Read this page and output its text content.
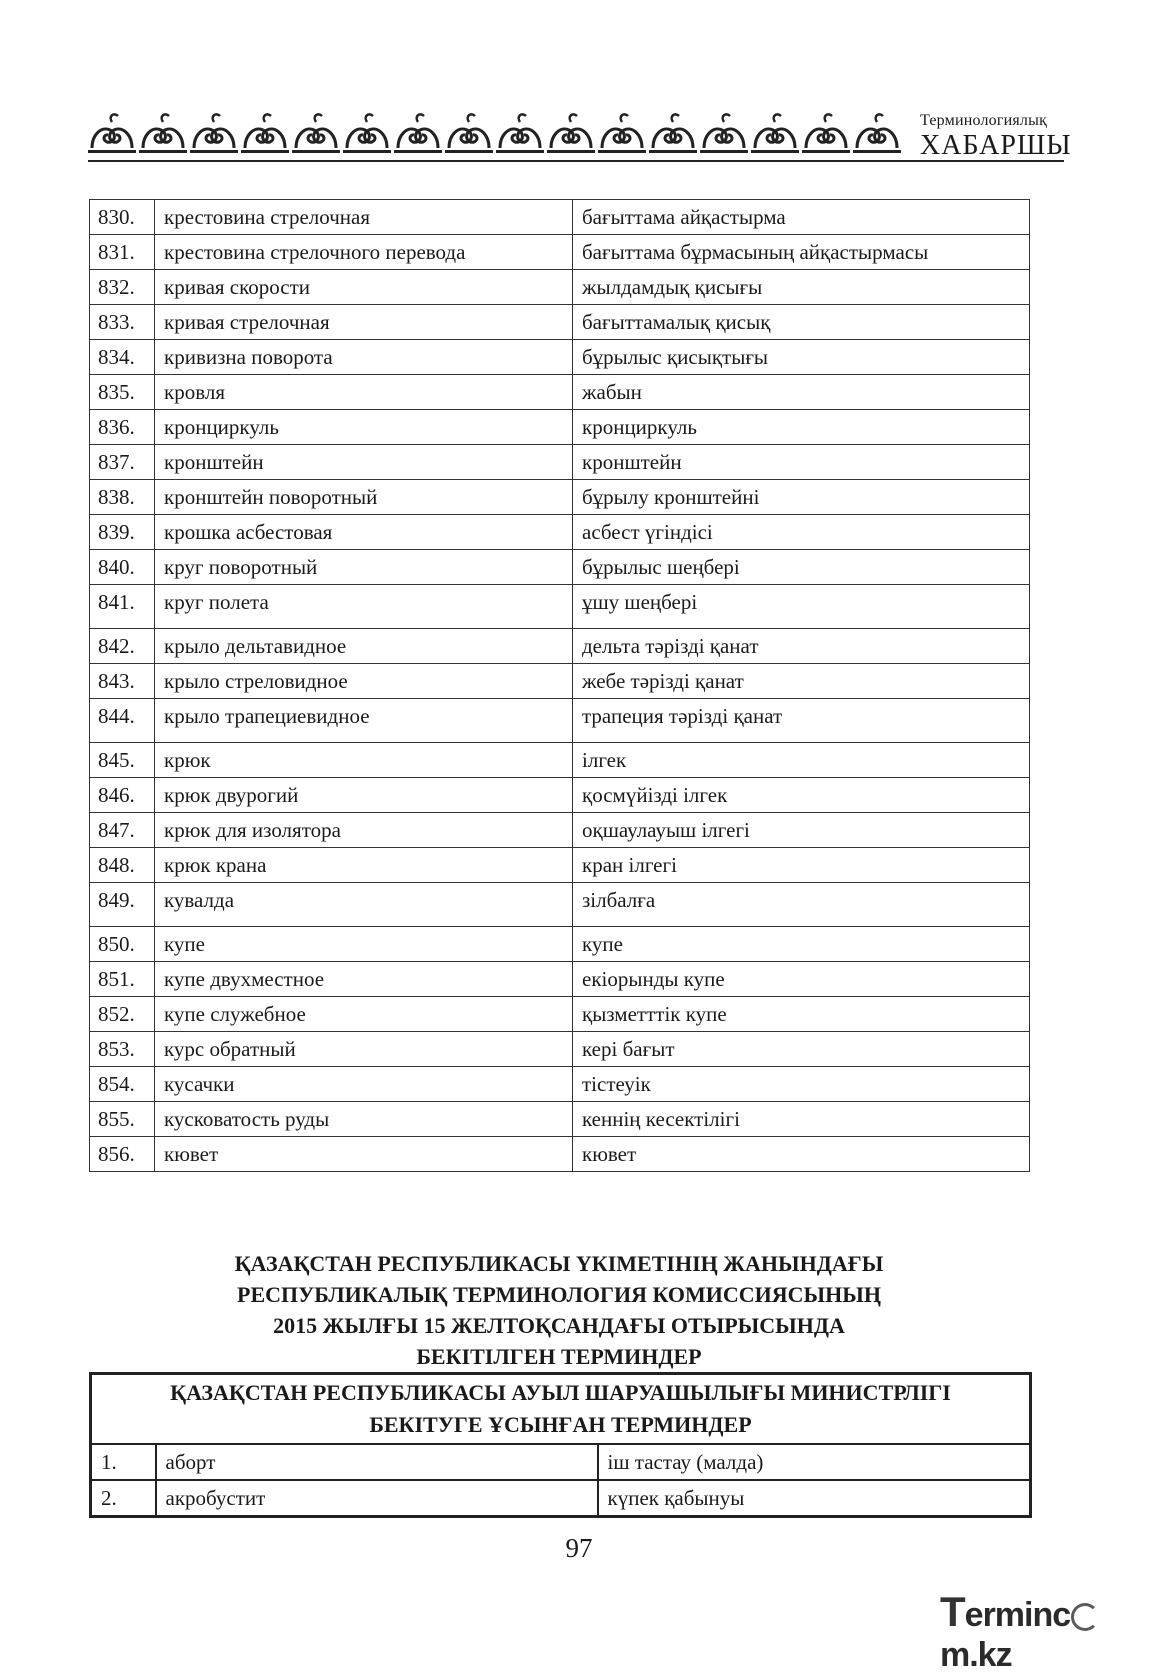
Терминологиялық
ХАБАРШЫ
830.	крестовина стрелочная	бағыттама айқастырма
831.	крестовина стрелочного перевода	бағыттама бұрмасының айқастырмасы
832.	кривая скорости	жылдамдық қисығы
833.	кривая стрелочная	бағыттамалық қисық
834.	кривизна поворота	бұрылыс қисықтығы
835.	кровля	жабын
836.	кронциркуль	кронциркуль
837.	кронштейн	кронштейн
838.	кронштейн поворотный	бұрылу кронштейні
839.	крошка асбестовая	асбест үгіндісі
840.	круг поворотный	бұрылыс шеңбері
841.	круг полета	ұшу шеңбері
842.	крыло дельтавидное	дельта тәрізді қанат
843.	крыло стреловидное	жебе тәрізді қанат
844.	крыло трапециевидное	трапеция тәрізді қанат
845.	крюк	ілгек
846.	крюк двурогий	қосмүйізді ілгек
847.	крюк для изолятора	оқшаулауыш ілгегі
848.	крюк крана	кран ілгегі
849.	кувалда	зілбалға
850.	купе	купе
851.	купе двухместное	екіорынды купе
852.	купе служебное	қызметттік купе
853.	курс обратный	кері бағыт
854.	кусачки	тістеуік
855.	кусковатость руды	кеннің кесектілігі
856.	кювет	кювет
ҚАЗАҚСТАН РЕСПУБЛИКАСЫ ҮКІМЕТІНІҢ ЖАНЫНДАҒЫ
РЕСПУБЛИКАЛЫҚ ТЕРМИНОЛОГИЯ КОМИССИЯСЫНЫҢ
2015 ЖЫЛҒЫ 15 ЖЕЛТОҚСАНДАҒЫ ОТЫРЫСЫНДА
БЕКІТІЛГЕН ТЕРМИНДЕР
ҚАЗАҚСТАН РЕСПУБЛИКАСЫ АУЫЛ ШАРУАШЫЛЫҒЫ МИНИСТРЛІГІ
БЕКІТУГЕ ҰСЫНҒАН ТЕРМИНДЕР		

1.	аборт	іш тастау (малда)
2.	акробустит	күпек қабынуы
97
Termincm.kz
